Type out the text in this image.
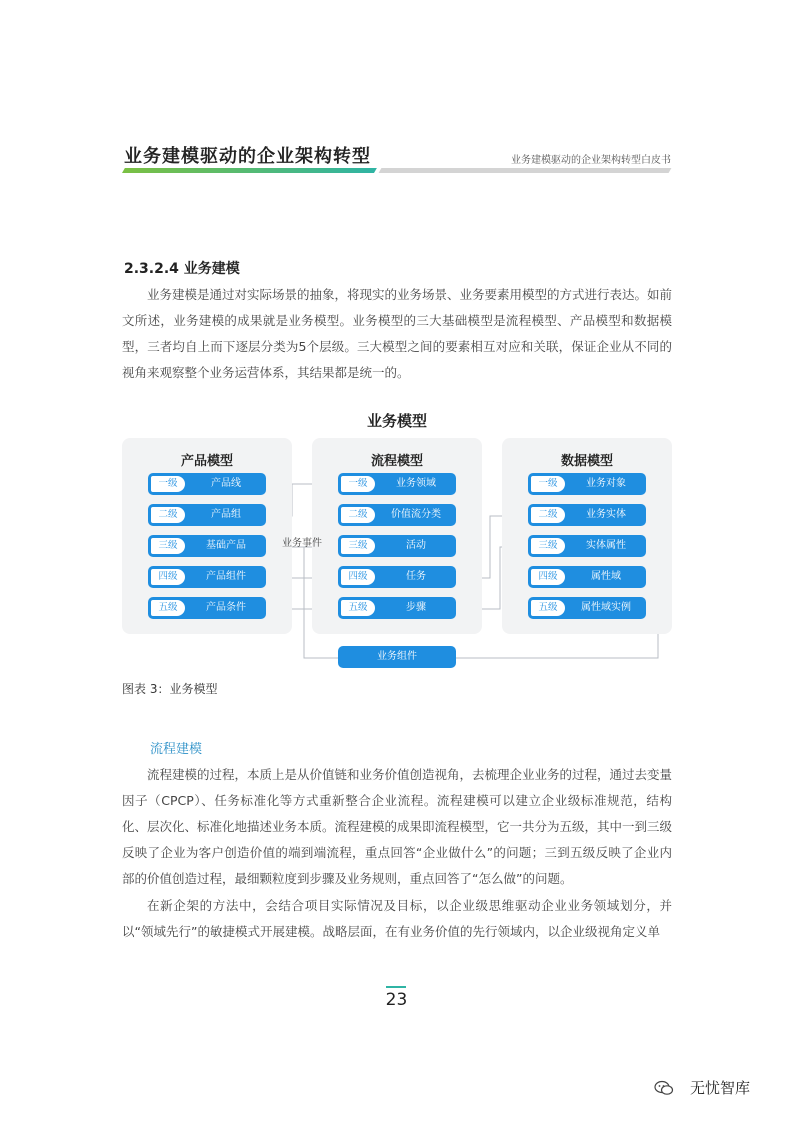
业务建模驱动的企业架构转型	业务建模驱动的企业架构转型白皮书
2.3.2.4 业务建模

业务建模是通过对实际场景的抽象，将现实的业务场景、业务要素用模型的方式进行表达。如前文所述，业务建模的成果就是业务模型。业务模型的三大基础模型是流程模型、产品模型和数据模型，三者均自上而下逐层分类为5个层级。三大模型之间的要素相互对应和关联，保证企业从不同的视角来观察整个业务运营体系，其结果都是统一的。

业务模型
产品模型
一级	产品线
二级	产品组
三级	基础产品
四级	产品组件
五级	产品条件
流程模型
一级	业务领域
二级	价值流分类
三级	活动
四级	任务
五级	步骤
数据模型
一级	业务对象
二级	业务实体
三级	实体属性
四级	属性域
五级	属性域实例
业务事件
业务组件
图表 3：业务模型
流程建模

流程建模的过程，本质上是从价值链和业务价值创造视角，去梳理企业业务的过程，通过去变量因子（CPCP）、任务标准化等方式重新整合企业流程。流程建模可以建立企业级标准规范，结构化、层次化、标准化地描述业务本质。流程建模的成果即流程模型，它一共分为五级，其中一到三级反映了企业为客户创造价值的端到端流程，重点回答“企业做什么”的问题；三到五级反映了企业内部的价值创造过程，最细颗粒度到步骤及业务规则，重点回答了“怎么做”的问题。

在新企架的方法中，会结合项目实际情况及目标，以企业级思维驱动企业业务领域划分，并以“领域先行”的敏捷模式开展建模。战略层面，在有业务价值的先行领域内，以企业级视角定义单

23
无忧智库
